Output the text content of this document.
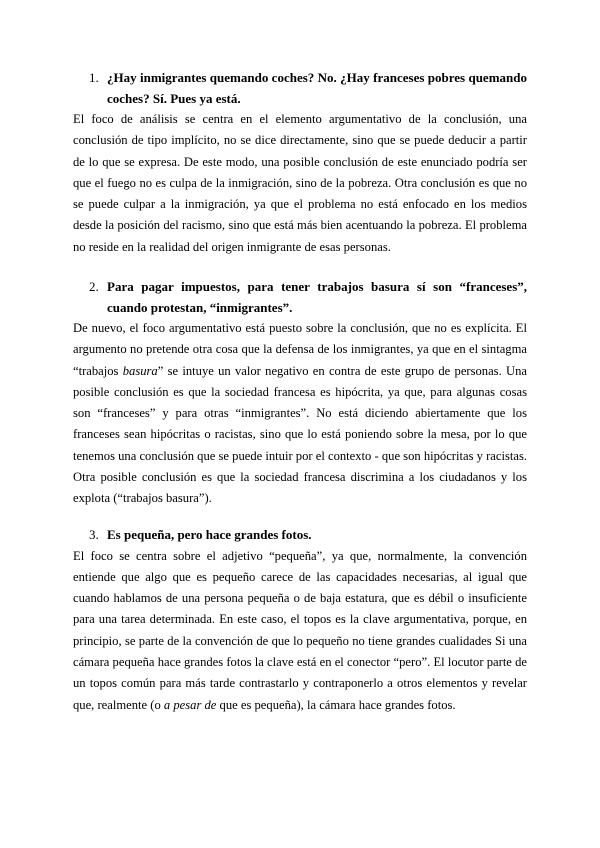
1. ¿Hay inmigrantes quemando coches? No. ¿Hay franceses pobres quemando coches? Sí. Pues ya está.

El foco de análisis se centra en el elemento argumentativo de la conclusión, una conclusión de tipo implícito, no se dice directamente, sino que se puede deducir a partir de lo que se expresa. De este modo, una posible conclusión de este enunciado podría ser que el fuego no es culpa de la inmigración, sino de la pobreza. Otra conclusión es que no se puede culpar a la inmigración, ya que el problema no está enfocado en los medios desde la posición del racismo, sino que está más bien acentuando la pobreza. El problema no reside en la realidad del origen inmigrante de esas personas.

2. Para pagar impuestos, para tener trabajos basura sí son “franceses”, cuando protestan, “inmigrantes”.

De nuevo, el foco argumentativo está puesto sobre la conclusión, que no es explícita. El argumento no pretende otra cosa que la defensa de los inmigrantes, ya que en el sintagma “trabajos basura” se intuye un valor negativo en contra de este grupo de personas. Una posible conclusión es que la sociedad francesa es hipócrita, ya que, para algunas cosas son “franceses” y para otras “inmigrantes”. No está diciendo abiertamente que los franceses sean hipócritas o racistas, sino que lo está poniendo sobre la mesa, por lo que tenemos una conclusión que se puede intuir por el contexto - que son hipócritas y racistas. Otra posible conclusión es que la sociedad francesa discrimina a los ciudadanos y los explota (“trabajos basura”).

3. Es pequeña, pero hace grandes fotos.

El foco se centra sobre el adjetivo “pequeña”, ya que, normalmente, la convención entiende que algo que es pequeño carece de las capacidades necesarias, al igual que cuando hablamos de una persona pequeña o de baja estatura, que es débil o insuficiente para una tarea determinada. En este caso, el topos es la clave argumentativa, porque, en principio, se parte de la convención de que lo pequeño no tiene grandes cualidades Si una cámara pequeña hace grandes fotos la clave está en el conector “pero”. El locutor parte de un topos común para más tarde contrastarlo y contraponerlo a otros elementos y revelar que, realmente (o a pesar de que es pequeña), la cámara hace grandes fotos.
